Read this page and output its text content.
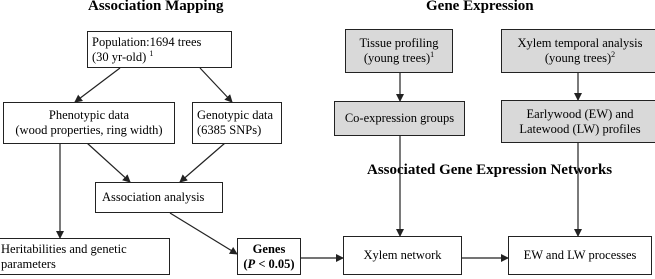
Association Mapping	Gene Expression
Associated Gene Expression Networks
Population:1694 trees
(30 yr-old) $^1$
Phenotypic data
(wood properties, ring width)
Genotypic data
(6385 SNPs)
Association analysis
Heritabilities and genetic
parameters
Genes
(P < 0.05)
Tissue profiling
(young trees)$^1$
Xylem temporal analysis
(young trees)$^2$
Co-expression groups	Earlywood (EW) and
Latewood (LW) profiles
Xylem network	EW and LW processes
